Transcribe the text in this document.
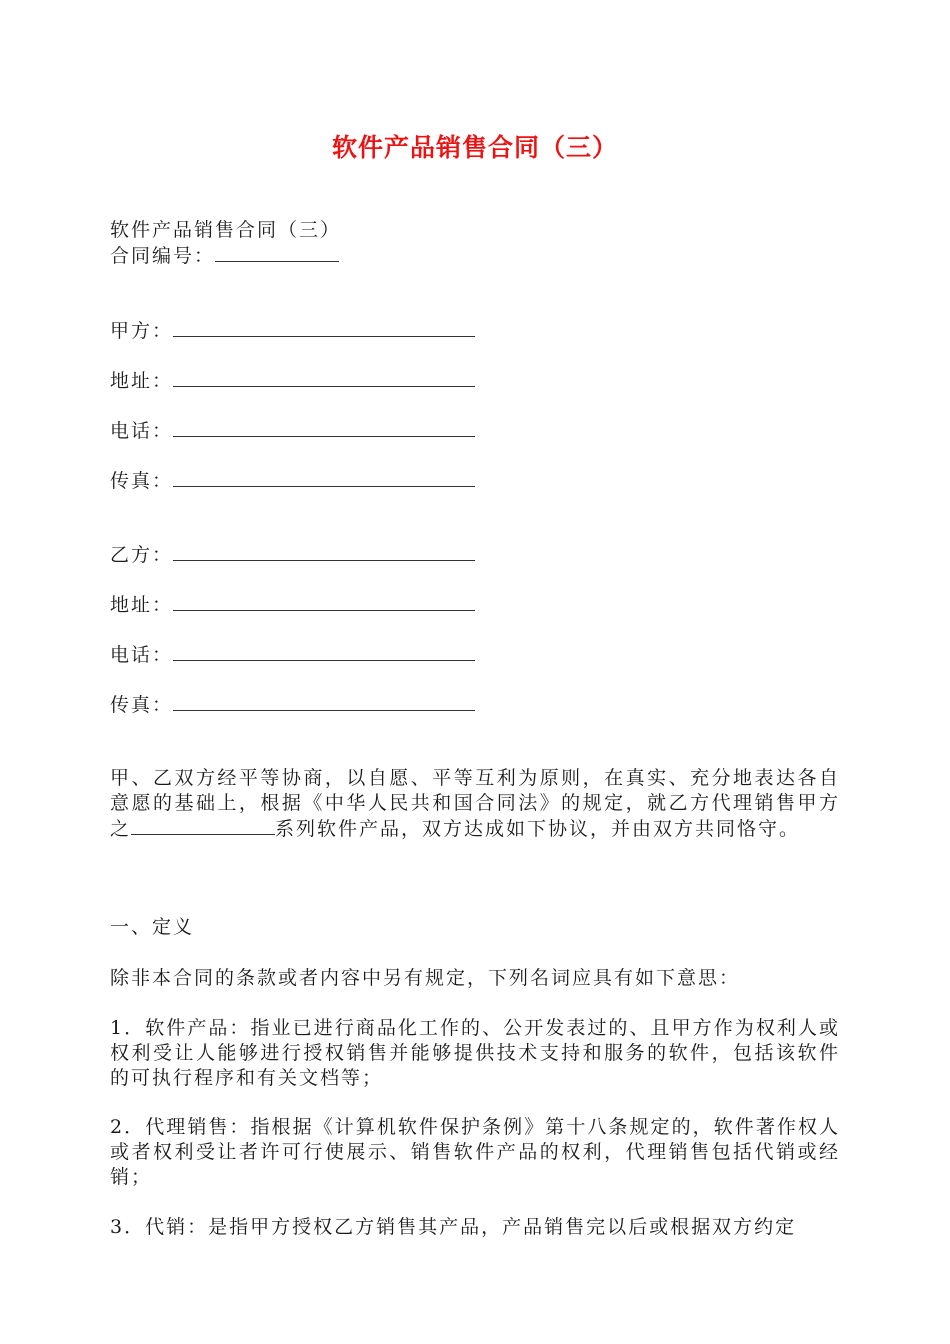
软件产品销售合同（三）
软件产品销售合同（三）
合同编号：
甲方：
地址：
电话：
传真：
乙方：
地址：
电话：
传真：
甲、乙双方经平等协商，以自愿、平等互利为原则，在真实、充分地表达各自意愿的基础上，根据《中华人民共和国合同法》的规定，就乙方代理销售甲方之	系列软件产品，双方达成如下协议，并由双方共同恪守。
一、定义
除非本合同的条款或者内容中另有规定，下列名词应具有如下意思：
1．软件产品：指业已进行商品化工作的、公开发表过的、且甲方作为权利人或权利受让人能够进行授权销售并能够提供技术支持和服务的软件，包括该软件的可执行程序和有关文档等；
2．代理销售：指根据《计算机软件保护条例》第十八条规定的，软件著作权人或者权利受让者许可行使展示、销售软件产品的权利，代理销售包括代销或经销；
3．代销：是指甲方授权乙方销售其产品，产品销售完以后或根据双方约定
